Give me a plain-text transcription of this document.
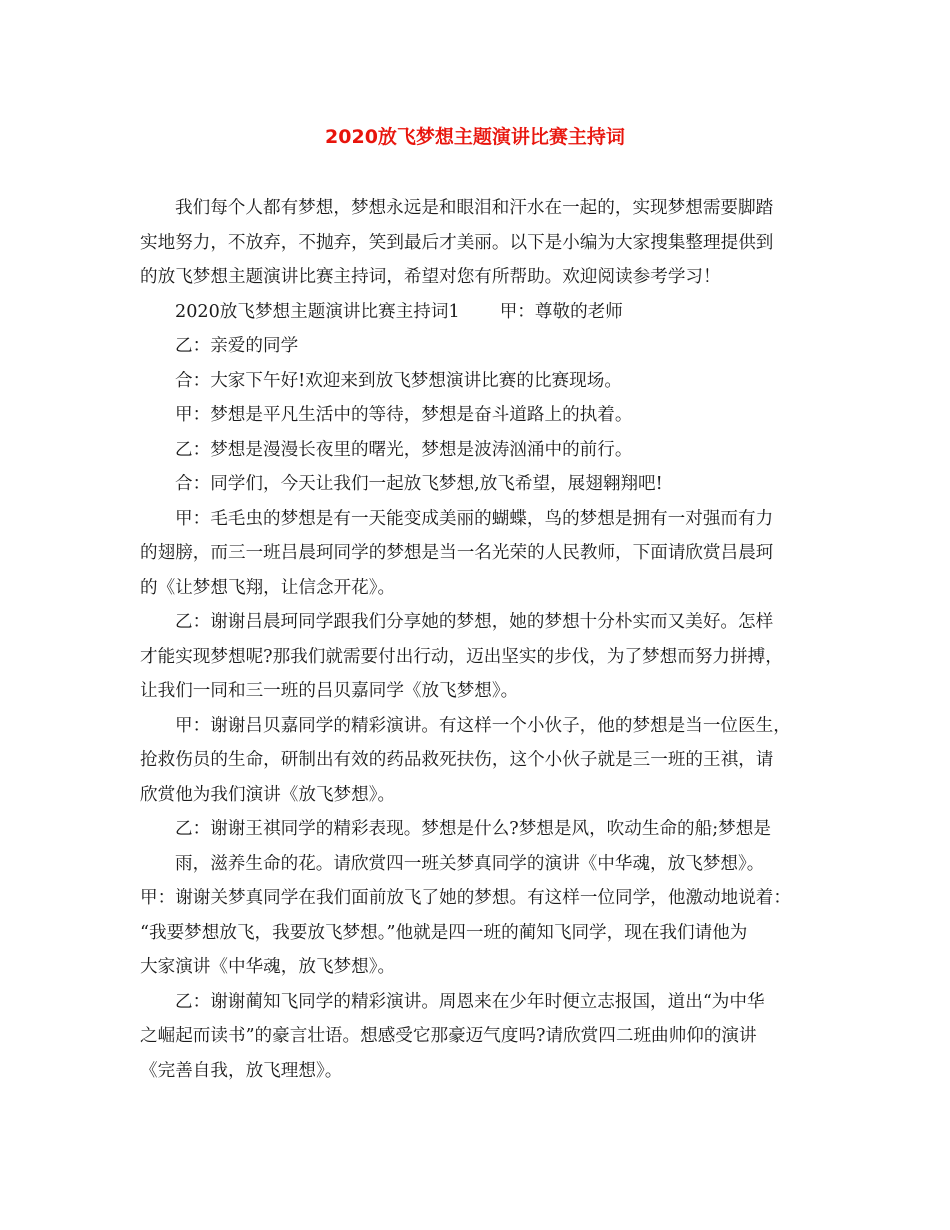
2020放飞梦想主题演讲比赛主持词
我们每个人都有梦想，梦想永远是和眼泪和汗水在一起的，实现梦想需要脚踏
实地努力，不放弃，不抛弃，笑到最后才美丽。以下是小编为大家搜集整理提供到
的放飞梦想主题演讲比赛主持词，希望对您有所帮助。欢迎阅读参考学习！
2020放飞梦想主题演讲比赛主持词1 甲：尊敬的老师
乙：亲爱的同学
合：大家下午好!欢迎来到放飞梦想演讲比赛的比赛现场。
甲：梦想是平凡生活中的等待，梦想是奋斗道路上的执着。
乙：梦想是漫漫长夜里的曙光，梦想是波涛汹涌中的前行。
合：同学们，今天让我们一起放飞梦想,放飞希望，展翅翱翔吧!
甲：毛毛虫的梦想是有一天能变成美丽的蝴蝶，鸟的梦想是拥有一对强而有力
的翅膀，而三一班吕晨珂同学的梦想是当一名光荣的人民教师，下面请欣赏吕晨珂
的《让梦想飞翔，让信念开花》。
乙：谢谢吕晨珂同学跟我们分享她的梦想，她的梦想十分朴实而又美好。怎样
才能实现梦想呢?那我们就需要付出行动，迈出坚实的步伐，为了梦想而努力拼搏，
让我们一同和三一班的吕贝嘉同学《放飞梦想》。
甲：谢谢吕贝嘉同学的精彩演讲。有这样一个小伙子，他的梦想是当一位医生，
抢救伤员的生命，研制出有效的药品救死扶伤，这个小伙子就是三一班的王祺，请
欣赏他为我们演讲《放飞梦想》。
乙：谢谢王祺同学的精彩表现。梦想是什么?梦想是风，吹动生命的船;梦想是
雨，滋养生命的花。请欣赏四一班关梦真同学的演讲《中华魂，放飞梦想》。
甲：谢谢关梦真同学在我们面前放飞了她的梦想。有这样一位同学，他激动地说着：
“我要梦想放飞，我要放飞梦想。”他就是四一班的蔺知飞同学，现在我们请他为
大家演讲《中华魂，放飞梦想》。
乙：谢谢蔺知飞同学的精彩演讲。周恩来在少年时便立志报国，道出“为中华
之崛起而读书”的豪言壮语。想感受它那豪迈气度吗?请欣赏四二班曲帅仰的演讲
《完善自我，放飞理想》。
